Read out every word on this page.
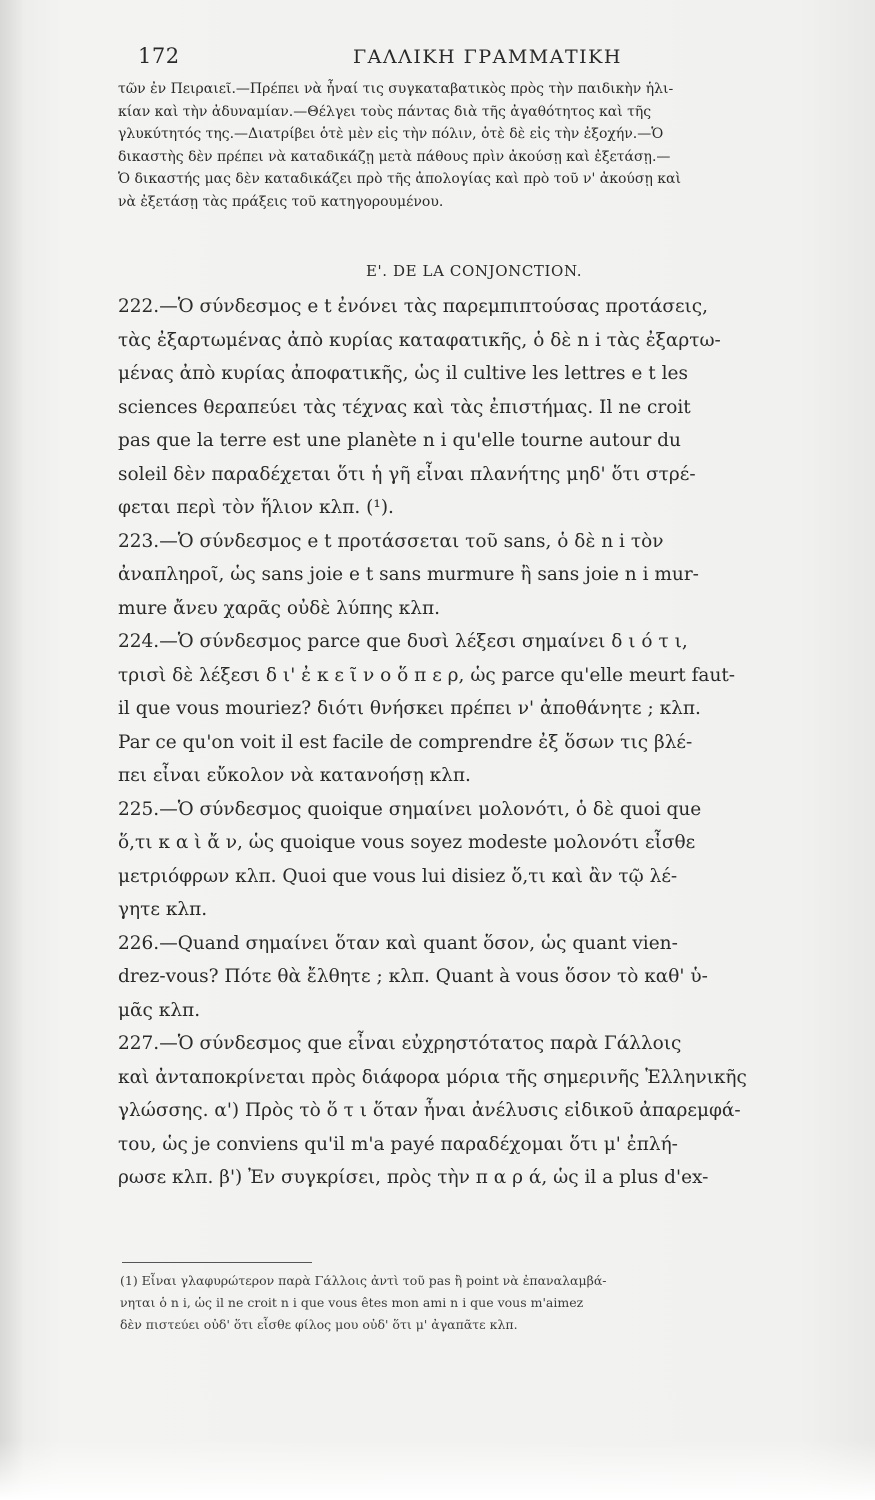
172	ΓΑΛΛΙΚΗ ΓΡΑΜΜΑΤΙΚΗ
τῶν ἐν Πειραιεῖ.—Πρέπει νὰ ἦναί τις συγκαταβατικὸς πρὸς τὴν παιδικὴν ἡλι-
κίαν καὶ τὴν ἀδυναμίαν.—Θέλγει τοὺς πάντας διὰ τῆς ἀγαθότητος καὶ τῆς
γλυκύτητός της.—Διατρίβει ὁτὲ μὲν εἰς τὴν πόλιν, ὁτὲ δὲ εἰς τὴν ἐξοχήν.—Ὁ
δικαστὴς δὲν πρέπει νὰ καταδικάζῃ μετὰ πάθους πρὶν ἀκούσῃ καὶ ἐξετάσῃ.—
Ὁ δικαστής μας δὲν καταδικάζει πρὸ τῆς ἀπολογίας καὶ πρὸ τοῦ ν' ἀκούσῃ καὶ
νὰ ἐξετάσῃ τὰς πράξεις τοῦ κατηγορουμένου.
Ε'. DE LA CONJONCTION.
222.—Ὁ σύνδεσμος e t ἐνόνει τὰς παρεμπιπτούσας προτάσεις,
τὰς ἐξαρτωμένας ἀπὸ κυρίας καταφατικῆς, ὁ δὲ n i τὰς ἐξαρτω-
μένας ἀπὸ κυρίας ἀποφατικῆς, ὡς il cultive les lettres e t les
sciences θεραπεύει τὰς τέχνας καὶ τὰς ἐπιστήμας. Il ne croit
pas que la terre est une planète n i qu'elle tourne autour du
soleil δὲν παραδέχεται ὅτι ἡ γῆ εἶναι πλανήτης μηδ' ὅτι στρέ-
φεται περὶ τὸν ἥλιον κλπ. (¹).
223.—Ὁ σύνδεσμος e t προτάσσεται τοῦ sans, ὁ δὲ n i τὸν
ἀναπληροῖ, ὡς sans joie e t sans murmure ἢ sans joie n i mur-
mure ἄνευ χαρᾶς οὐδὲ λύπης κλπ.
224.—Ὁ σύνδεσμος parce que δυσὶ λέξεσι σημαίνει δ ι ό τ ι,
τρισὶ δὲ λέξεσι δ ι' ἐ κ ε ῖ ν ο ὅ π ε ρ, ὡς parce qu'elle meurt faut-
il que vous mouriez? διότι θνήσκει πρέπει ν' ἀποθάνητε ; κλπ.
Par ce qu'on voit il est facile de comprendre ἐξ ὅσων τις βλέ-
πει εἶναι εὔκολον νὰ κατανοήσῃ κλπ.
225.—Ὁ σύνδεσμος quoique σημαίνει μολονότι, ὁ δὲ quoi que
ὅ,τι κ α ὶ ἄ ν, ὡς quoique vous soyez modeste μολονότι εἶσθε
μετριόφρων κλπ. Quoi que vous lui disiez ὅ,τι καὶ ἂν τῷ λέ-
γητε κλπ.
226.—Quand σημαίνει ὅταν καὶ quant ὅσον, ὡς quant vien-
drez-vous? Πότε θὰ ἔλθητε ; κλπ. Quant à vous ὅσον τὸ καθ' ὑ-
μᾶς κλπ.
227.—Ὁ σύνδεσμος que εἶναι εὐχρηστότατος παρὰ Γάλλοις
καὶ ἀνταποκρίνεται πρὸς διάφορα μόρια τῆς σημερινῆς Ἑλληνικῆς
γλώσσης. α') Πρὸς τὸ ὅ τ ι ὅταν ἦναι ἀνέλυσις εἰδικοῦ ἀπαρεμφά-
του, ὡς je conviens qu'il m'a payé παραδέχομαι ὅτι μ' ἐπλή-
ρωσε κλπ. β') Ἐν συγκρίσει, πρὸς τὴν π α ρ ά, ὡς il a plus d'ex-
(1) Εἶναι γλαφυρώτερον παρὰ Γάλλοις ἀντὶ τοῦ pas ἢ point νὰ ἐπαναλαμβά-
νηται ὁ n i, ὡς il ne croit n i que vous êtes mon ami n i que vous m'aimez
δὲν πιστεύει οὐδ' ὅτι εἶσθε φίλος μου οὐδ' ὅτι μ' ἀγαπᾶτε κλπ.
